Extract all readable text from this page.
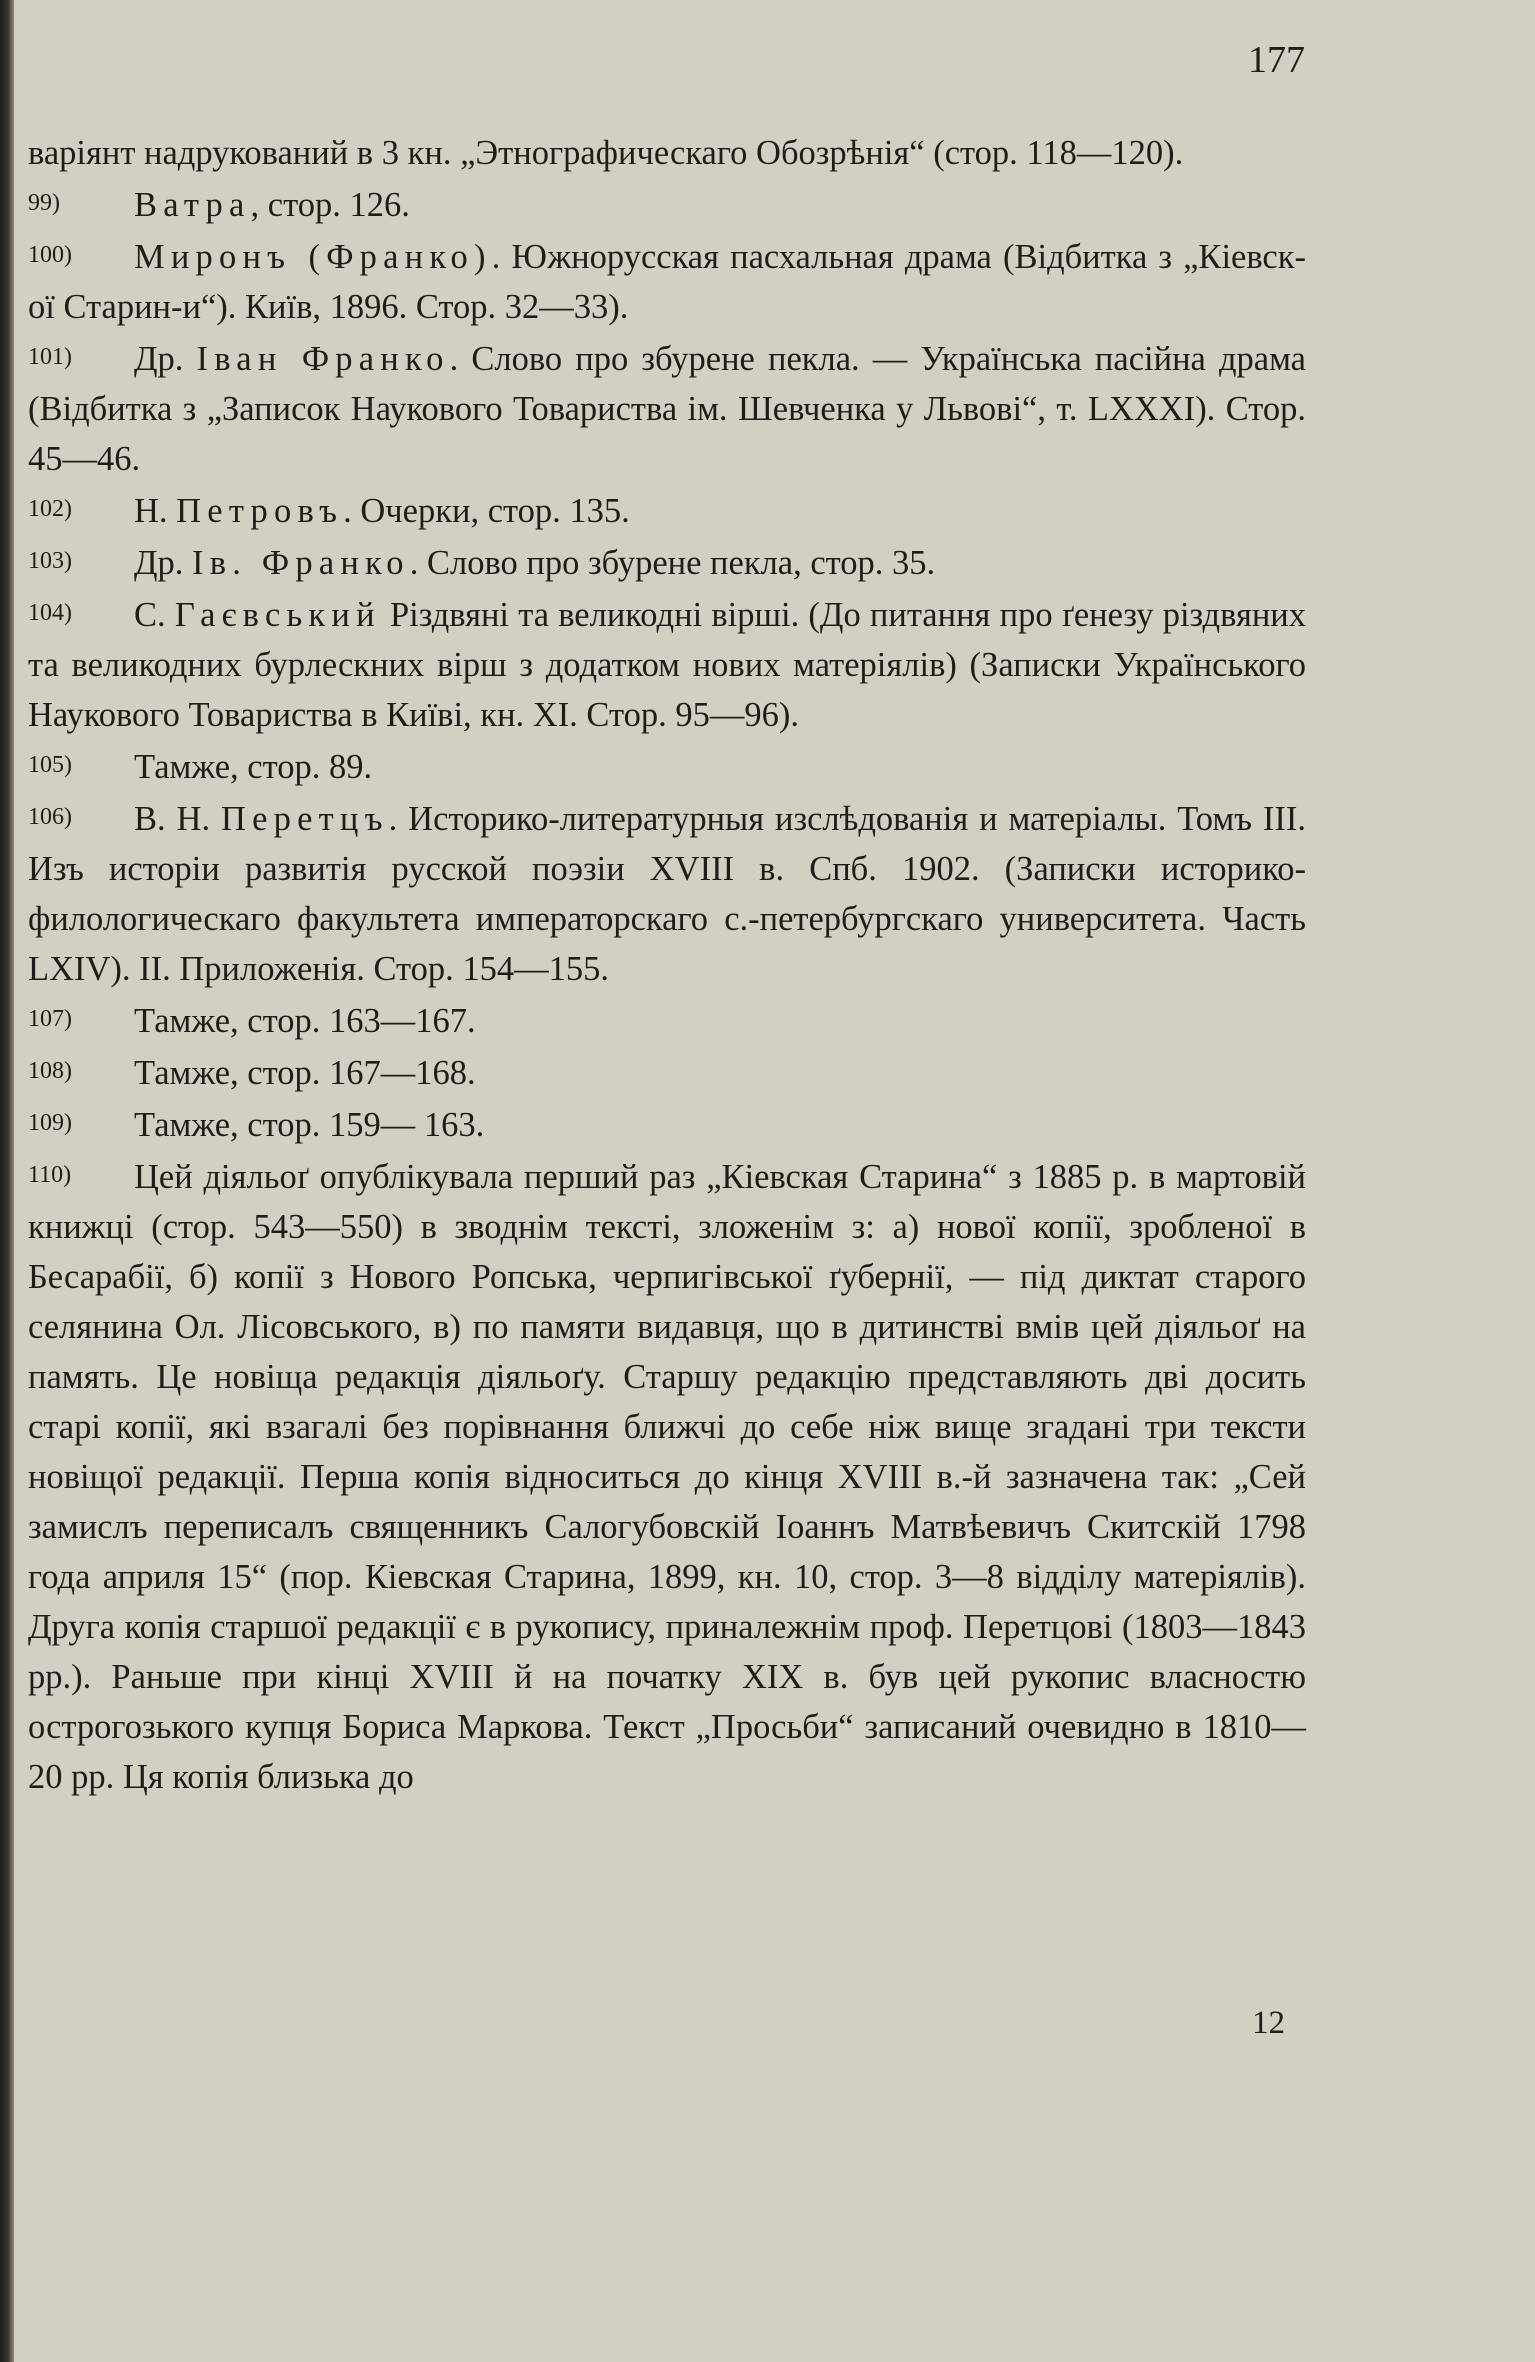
177
варіянт надрукований в 3 кн. „Этнографическаго Обозрѣнія“ (стор. 118—120).
99) Ватра, стор. 126.
100) Миронъ (Франко). Южнорусская пасхальная драма (Відбитка з „Кіевск-ої Старин-и“). Київ, 1896. Стор. 32—33).
101) Др. Іван Франко. Слово про збурене пекла. — Українська пасійна драма (Відбитка з „Записок Наукового Товариства ім. Шевченка у Львові“, т. LXXXI). Стор. 45—46.
102) Н. Петровъ. Очерки, стор. 135.
103) Др. Ів. Франко. Слово про збурене пекла, стор. 35.
104) С. Гаєвський Різдвяні та великодні вірші. (До питання про ґенезу різдвяних та великодних бурлескних вірш з додатком нових матеріялів) (Записки Українського Наукового Товариства в Київі, кн. XI. Стор. 95—96).
105) Тамже, стор. 89.
106) В. Н. Перетцъ. Историко-литературныя изслѣдованія и матеріалы. Томъ III. Изъ исторіи развитія русской поэзіи XVIII в. Спб. 1902. (Записки историко-филологическаго факультета императорскаго с.-петербургскаго университета. Часть LXIV). II. Приложенія. Стор. 154—155.
107) Тамже, стор. 163—167.
108) Тамже, стор. 167—168.
109) Тамже, стор. 159— 163.
110) Цей діяльоґ опублікувала перший раз „Кіевская Старина“ з 1885 р. в мартовій книжці (стор. 543—550) в зводнім тексті, зложенім з: а) нової копії, зробленої в Бесарабії, б) копії з Нового Ропська, черпигівської ґубернії, — під диктат старого селянина Ол. Лісовського, в) по памяти видавця, що в дитинстві вмів цей діяльоґ на память. Це новіща редакція діяльоґу. Старшу редакцію представляють дві досить старі копії, які взагалі без порівнання ближчі до себе ніж вище згадані три тексти новіщої редакції. Перша копія відноситься до кінця XVIII в.-й зазначена так: „Сей замислъ переписалъ священникъ Салогубовскій Іоаннъ Матвѣевичъ Скитскій 1798 года априля 15“ (пор. Кіевская Старина, 1899, кн. 10, стор. 3—8 відділу матеріялів). Друга копія старшої редакції є в рукопису, приналежнім проф. Перетцові (1803—1843 рр.). Раньше при кінці XVIII й на початку XIX в. був цей рукопис власностю острогозького купця Бориса Маркова. Текст „Просьби“ записаний очевидно в 1810—20 рр. Ця копія близька до
12
